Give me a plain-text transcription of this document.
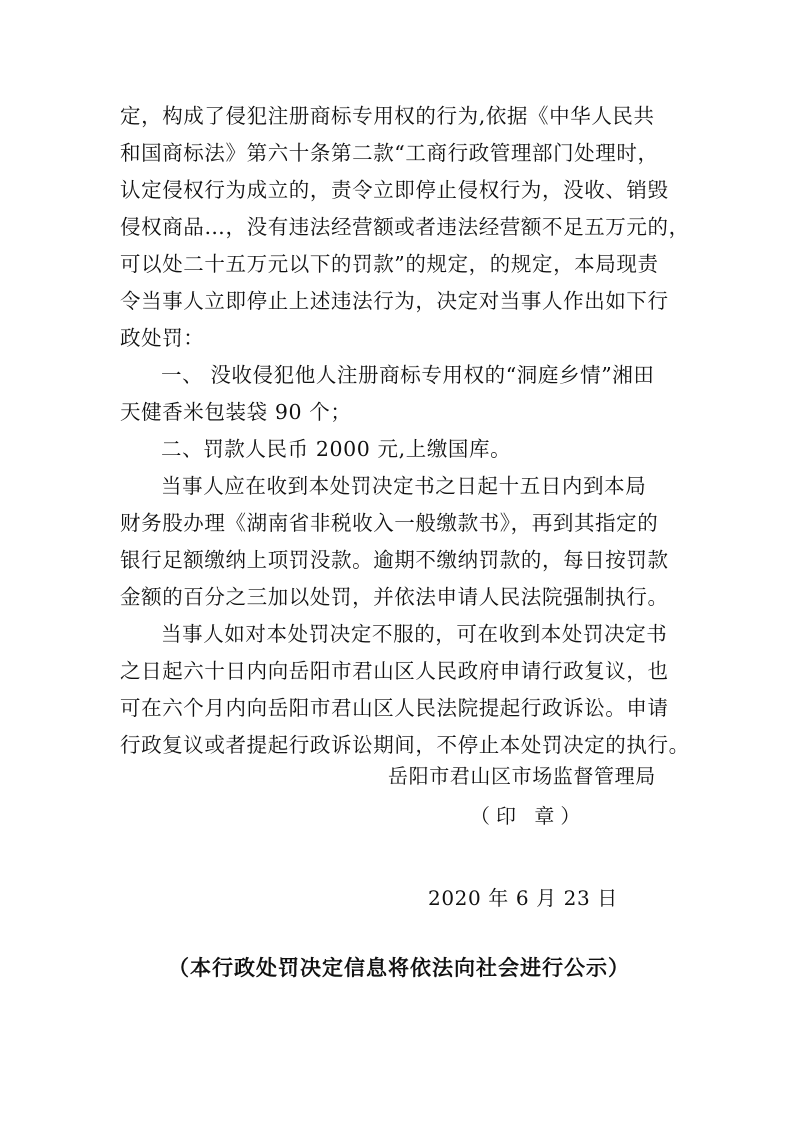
定，构成了侵犯注册商标专用权的行为,依据《中华人民共
和国商标法》第六十条第二款“工商行政管理部门处理时，
认定侵权行为成立的，责令立即停止侵权行为，没收、销毁
侵权商品…，没有违法经营额或者违法经营额不足五万元的，
可以处二十五万元以下的罚款”的规定，的规定，本局现责
令当事人立即停止上述违法行为，决定对当事人作出如下行
政处罚：
一、 没收侵犯他人注册商标专用权的“洞庭乡情”湘田
天健香米包装袋 90 个；
二、罚款人民币 2000 元,上缴国库。
当事人应在收到本处罚决定书之日起十五日内到本局
财务股办理《湖南省非税收入一般缴款书》，再到其指定的
银行足额缴纳上项罚没款。逾期不缴纳罚款的，每日按罚款
金额的百分之三加以处罚，并依法申请人民法院强制执行。
当事人如对本处罚决定不服的，可在收到本处罚决定书
之日起六十日内向岳阳市君山区人民政府申请行政复议，也
可在六个月内向岳阳市君山区人民法院提起行政诉讼。申请
行政复议或者提起行政诉讼期间，不停止本处罚决定的执行。
岳阳市君山区市场监督管理局
（印 章）
2020 年 6 月 23 日
（本行政处罚决定信息将依法向社会进行公示）
